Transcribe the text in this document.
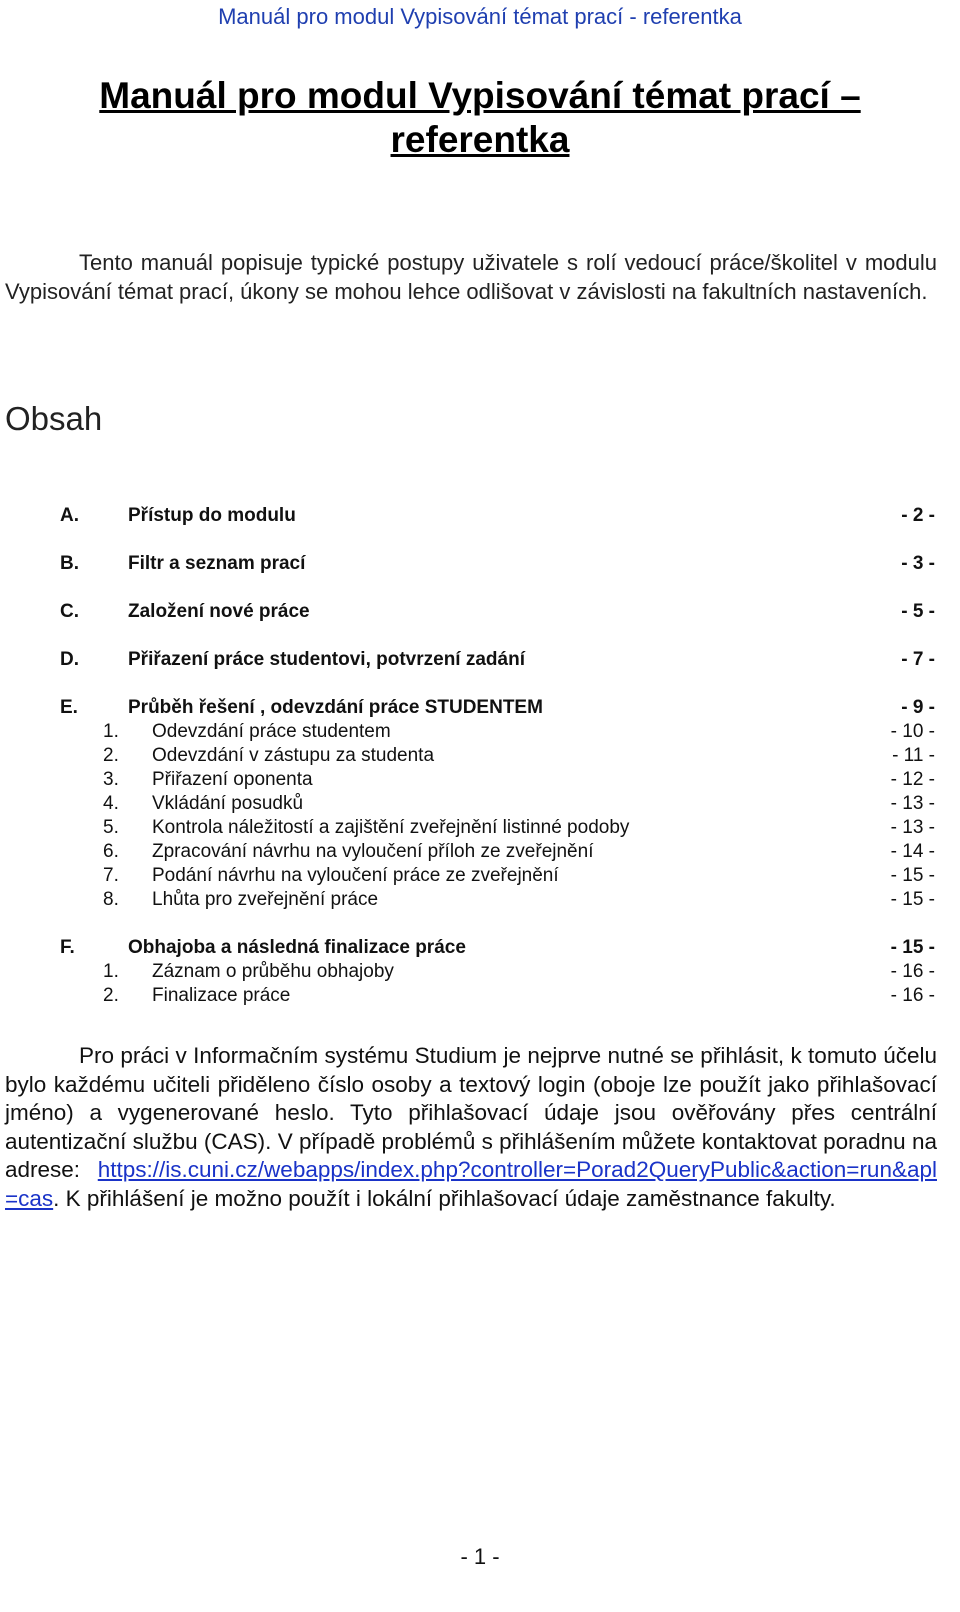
Manuál pro modul Vypisování témat prací - referentka
Manuál pro modul Vypisování témat prací –
referentka
Tento manuál popisuje typické postupy uživatele s rolí vedoucí práce/školitel v modulu Vypisování témat prací, úkony se mohou lehce odlišovat v závislosti na fakultních nastaveních.
Obsah
A.	Přístup do modulu	- 2 -
B.	Filtr a seznam prací	- 3 -
C.	Založení nové práce	- 5 -
D.	Přiřazení práce studentovi, potvrzení zadání	- 7 -
E.	Průběh řešení , odevzdání práce STUDENTEM	- 9 -
1. Odevzdání práce studentem	- 10 -
2. Odevzdání v zástupu za studenta	- 11 -
3. Přiřazení oponenta	- 12 -
4. Vkládání posudků	- 13 -
5. Kontrola náležitostí a zajištění zveřejnění listinné podoby	- 13 -
6. Zpracování návrhu na vyloučení příloh ze zveřejnění	- 14 -
7. Podání návrhu na vyloučení práce ze zveřejnění	- 15 -
8. Lhůta pro zveřejnění práce	- 15 -
F.	Obhajoba a následná finalizace práce	- 15 -
1. Záznam o průběhu obhajoby	- 16 -
2. Finalizace práce	- 16 -
Pro práci v Informačním systému Studium je nejprve nutné se přihlásit, k tomuto účelu bylo každému učiteli přiděleno číslo osoby a textový login (oboje lze použít jako přihlašovací jméno) a vygenerované heslo. Tyto přihlašovací údaje jsou ověřovány přes centrální autentizační službu (CAS). V případě problémů s přihlášením můžete kontaktovat poradnu na adrese: https://is.cuni.cz/webapps/index.php?controller=Porad2QueryPublic&action=run&apl=cas. K přihlášení je možno použít i lokální přihlašovací údaje zaměstnance fakulty.
- 1 -
